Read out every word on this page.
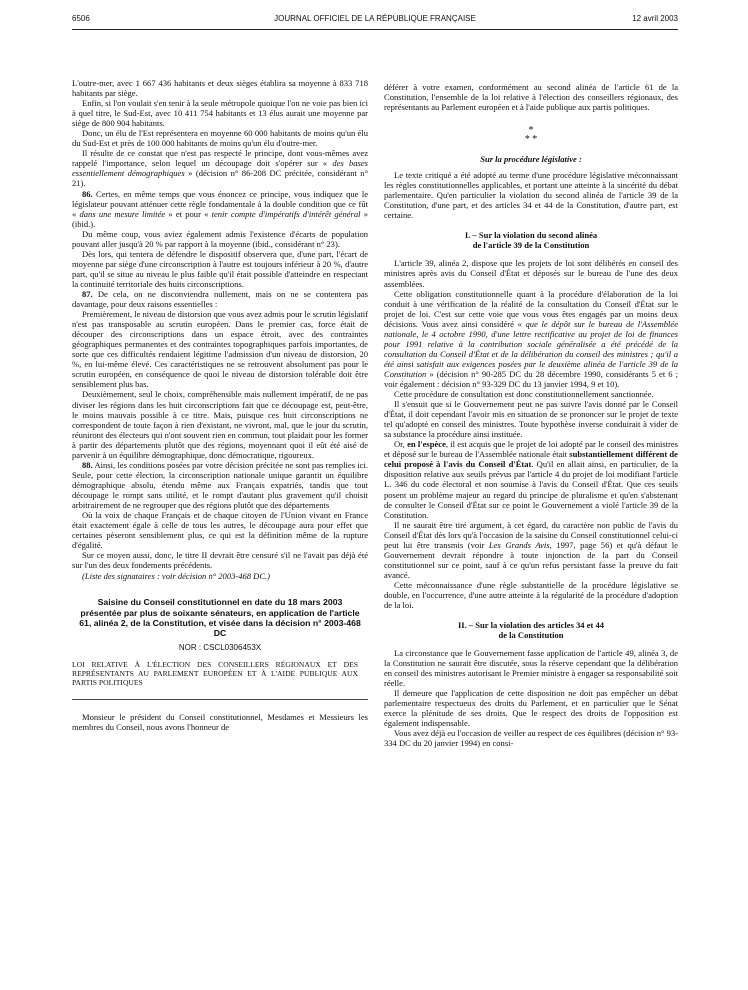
6506	JOURNAL OFFICIEL DE LA RÉPUBLIQUE FRANÇAISE	12 avril 2003

L'outre-mer, avec 1 667 436 habitants et deux sièges établira sa moyenne à 833 718 habitants par siège.

Enfin, si l'on voulait s'en tenir à la seule métropole quoique l'on ne voie pas bien ici à quel titre, le Sud-Est, avec 10 411 754 habitants et 13 élus aurait une moyenne par siège de 800 904 habitants.

Donc, un élu de l'Est représentera en moyenne 60 000 habitants de moins qu'un élu du Sud-Est et près de 100 000 habitants de moins qu'un élu d'outre-mer.

Il résulte de ce constat que n'est pas respecté le principe, dont vous-mêmes avez rappelé l'importance, selon lequel un découpage doit s'opérer sur « des bases essentiellement démographiques » (décision n° 86-208 DC précitée, considérant n° 21).

86. Certes, en même temps que vous énoncez ce principe, vous indiquez que le législateur pouvant atténuer cette règle fondamentale à la double condition que ce fût « dans une mesure limitée » et pour « tenir compte d'impératifs d'intérêt général » (ibid.).

Du même coup, vous aviez également admis l'existence d'écarts de population pouvant aller jusqu'à 20 % par rapport à la moyenne (ibid., considérant n° 23).

Dès lors, qui tentera de défendre le dispositif observera que, d'une part, l'écart de moyenne par siège d'une circonscription à l'autre est toujours inférieur à 20 %, d'autre part, qu'il se situe au niveau le plus faible qu'il était possible d'atteindre en respectant la continuité territoriale des huits circonscriptions.

87. De cela, on ne disconviendra nullement, mais on ne se contentera pas davantage, pour deux raisons essentielles :

Premièrement, le niveau de distorsion que vous avez admis pour le scrutin législatif n'est pas transposable au scrutin européen. Dans le premier cas, force était de découper des circonscriptions dans un espace étroit, avec des contraintes géographiques permanentes et des contraintes topographiques parfois importantes, de sorte que ces difficultés rendaient légitime l'admission d'un niveau de distorsion, 20 %, en lui-même élevé. Ces caractéristiques ne se retrouvent absolument pas pour le scrutin européen, en conséquence de quoi le niveau de distorsion tolérable doit être sensiblement plus bas.

Deuxièmement, seul le choix, compréhensible mais nullement impératif, de ne pas diviser les régions dans les huit circonscriptions fait que ce découpage est, peut-être, le moins mauvais possible à ce titre. Mais, puisque ces huit circonscriptions ne correspondent de toute façon à rien d'existant, ne vivront, mal, que le jour du scrutin, réuniront des électeurs qui n'ont souvent rien en commun, tout plaidait pour les former à partir des départements plutôt que des régions, moyennant quoi il eût été aisé de parvenir à un équilibre démographique, donc démocratique, rigoureux.

88. Ainsi, les conditions posées par votre décision précitée ne sont pas remplies ici. Seule, pour cette élection, la circonscription nationale unique garantit un équilibre démographique absolu, étendu même aux Français expatriés, tandis que tout découpage le rompt sans utilité, et le rompt d'autant plus gravement qu'il choisit arbitrairement de ne regrouper que des régions plutôt que des départements

Où la voix de chaque Français et de chaque citoyen de l'Union vivant en France était exactement égale à celle de tous les autres, le découpage aura pour effet que certaines pèseront sensiblement plus, ce qui est la définition même de la rupture d'égalité.

Sur ce moyen aussi, donc, le titre II devrait être censuré s'il ne l'avait pas déjà été sur l'un des deux fondements précédents.

(Liste des signataires : voir décision n° 2003-468 DC.)

Saisine du Conseil constitutionnel en date du 18 mars 2003 présentée par plus de soixante sénateurs, en application de l'article 61, alinéa 2, de la Constitution, et visée dans la décision n° 2003-468 DC
NOR : CSCL0306453X
LOI RELATIVE À L'ÉLECTION DES CONSEILLERS RÉGIONAUX ET DES REPRÉSENTANTS AU PARLEMENT EUROPÉEN ET À L'AIDE PUBLIQUE AUX PARTIS POLITIQUES

Monsieur le président du Conseil constitutionnel, Mesdames et Messieurs les membres du Conseil, nous avons l'honneur de

déférer à votre examen, conformément au second alinéa de l'article 61 de la Constitution, l'ensemble de la loi relative à l'élection des conseillers régionaux, des représentants au Parlement européen et à l'aide publique aux partis politiques.

*
* *
Sur la procédure législative :

Le texte critiqué a été adopté au terme d'une procédure législative méconnaissant les règles constitutionnelles applicables, et portant une atteinte à la sincérité du débat parlementaire. Qu'en particulier la violation du second alinéa de l'article 39 de la Constitution, d'une part, et des articles 34 et 44 de la Constitution, d'autre part, est certaine.

I. – Sur la violation du second alinéa
de l'article 39 de la Constitution

L'article 39, alinéa 2, dispose que les projets de loi sont délibérés en conseil des ministres après avis du Conseil d'État et déposés sur le bureau de l'une des deux assemblées.

Cette obligation constitutionnelle quant à la procédure d'élaboration de la loi conduit à une vérification de la réalité de la consultation du Conseil d'État sur le projet de loi. C'est sur cette voie que vous vous êtes engagés par un moins deux décisions. Vous avez ainsi considéré « que le dépôt sur le bureau de l'Assemblée nationale, le 4 octobre 1990, d'une lettre rectificative au projet de loi de finances pour 1991 relative à la contribution sociale généralisée a été précédé de la consultation du Conseil d'État et de la délibération du conseil des ministres ; qu'il a été ainsi satisfait aux exigences posées par le deuxième alinéa de l'article 39 de la Constitution » (décision n° 90-285 DC du 28 décembre 1990, considérants 5 et 6 ; voir également : décision n° 93-329 DC du 13 janvier 1994, 9 et 10).

Cette procédure de consultation est donc constitutionnellement sanctionnée.

Il s'ensuit que si le Gouvernement peut ne pas suivre l'avis donné par le Conseil d'État, il doit cependant l'avoir mis en situation de se prononcer sur le projet de texte tel qu'adopté en conseil des ministres. Toute hypothèse inverse conduirait à vider de sa substance la procédure ainsi instituée.

Or, en l'espèce, il est acquis que le projet de loi adopté par le conseil des ministres et déposé sur le bureau de l'Assemblée nationale était substantiellement différent de celui proposé à l'avis du Conseil d'État. Qu'il en allait ainsi, en particulier, de la disposition relative aux seuils prévus par l'article 4 du projet de loi modifiant l'article L. 346 du code électoral et non soumise à l'avis du Conseil d'État. Que ces seuils posent un problème majeur au regard du principe de pluralisme et qu'en s'abstenant de consulter le Conseil d'État sur ce point le Gouvernement a violé l'article 39 de la Constitution.

Il ne saurait être tiré argument, à cet égard, du caractère non public de l'avis du Conseil d'État dès lors qu'à l'occasion de la saisine du Conseil constitutionnel celui-ci peut lui être transmis (voir Les Grands Avis, 1997, page 56) et qu'à défaut le Gouvernement devrait répondre à toute injonction de la part du Conseil constitutionnel sur ce point, sauf à ce qu'un refus persistant fasse la preuve du fait avancé.

Cette méconnaissance d'une règle substantielle de la procédure législative se double, en l'occurrence, d'une autre atteinte à la régularité de la procédure d'adoption de la loi.

II. – Sur la violation des articles 34 et 44
de la Constitution

La circonstance que le Gouvernement fasse application de l'article 49, alinéa 3, de la Constitution ne saurait être discutée, sous la réserve cependant que la délibération en conseil des ministres autorisant le Premier ministre à engager sa responsabilité soit réelle.

Il demeure que l'application de cette disposition ne doit pas empêcher un débat parlementaire respectueux des droits du Parlement, et en particulier que le Sénat exerce la plénitude de ses droits. Que le respect des droits de l'opposition est également indispensable.

Vous avez déjà eu l'occasion de veiller au respect de ces équilibres (décision n° 93-334 DC du 20 janvier 1994) en consi-
